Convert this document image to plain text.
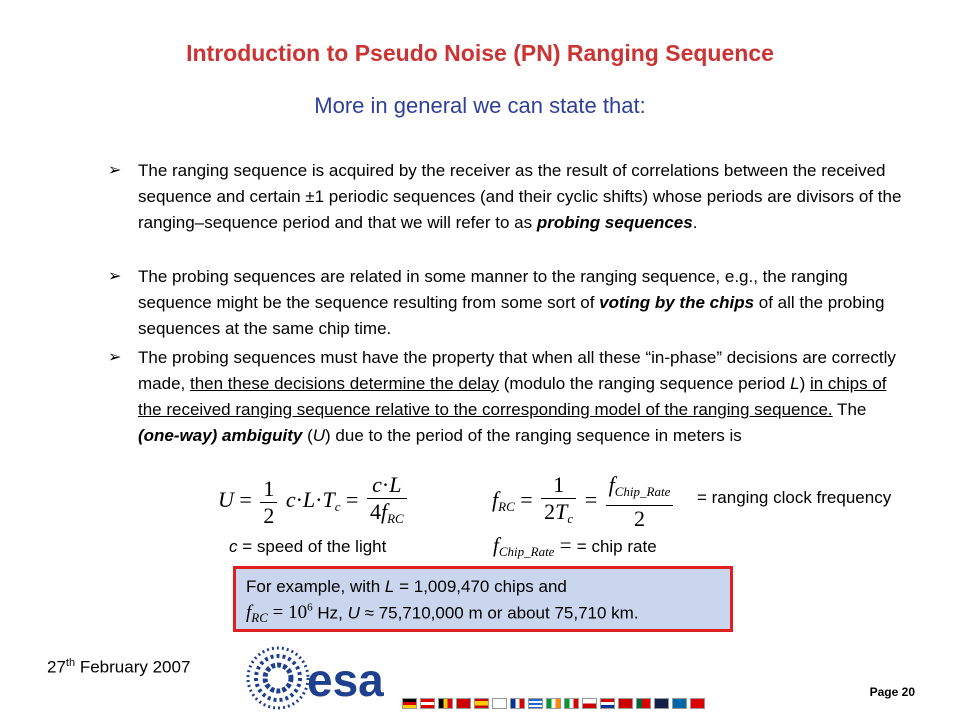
Introduction to Pseudo Noise (PN) Ranging Sequence
More in general we can state that:
➢ The ranging sequence is acquired by the receiver as the result of correlations between the received sequence and certain ±1 periodic sequences (and their cyclic shifts) whose periods are divisors of the ranging–sequence period and that we will refer to as probing sequences.
➢ The probing sequences are related in some manner to the ranging sequence, e.g., the ranging sequence might be the sequence resulting from some sort of voting by the chips of all the probing sequences at the same chip time.
➢ The probing sequences must have the property that when all these “in-phase” decisions are correctly made, then these decisions determine the delay (modulo the ranging sequence period L) in chips of the received ranging sequence relative to the corresponding model of the ranging sequence. The (one-way) ambiguity (U) due to the period of the ranging sequence in meters is
$U = \frac{1}{2} c\cdot L\cdot T_c = \frac{c\cdot L}{4f_{RC}}$	$f_{RC} = \frac{1}{2T_c} = \frac{f_{Chip\_Rate}}{2}$ = ranging clock frequency
c = speed of the light	$f_{Chip\_Rate}$ = = chip rate
For example, with L = 1,009,470 chips and
$f_{RC} = 10^6$ Hz, U ≈ 75,710,000 m or about 75,710 km.
27th February 2007	esa	Page 20
